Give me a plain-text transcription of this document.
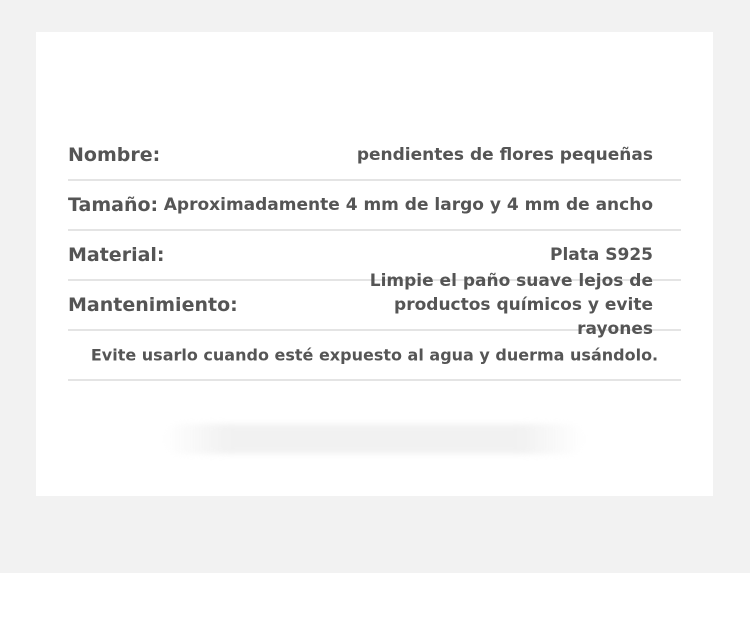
Nombre:	pendientes de flores pequeñas
Tamaño: Aproximadamente 4 mm de largo y 4 mm de ancho
Material:	Plata S925
Mantenimiento:
Limpie el paño suave lejos de productos químicos y evite rayones
Evite usarlo cuando esté expuesto al agua y duerma usándolo.
